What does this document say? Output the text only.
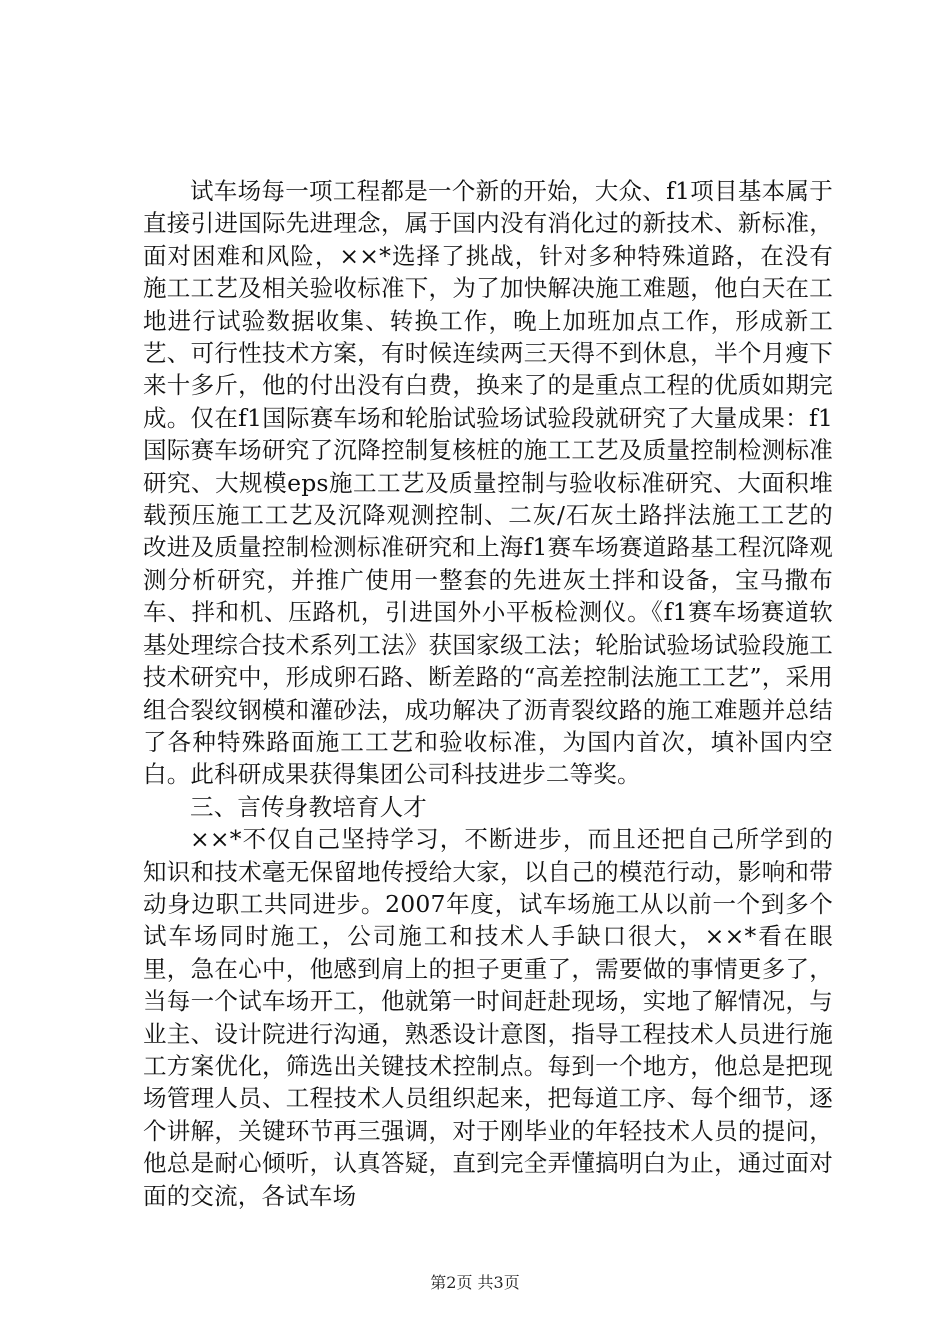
试车场每一项工程都是一个新的开始，大众、f1项目基本属于直接引进国际先进理念，属于国内没有消化过的新技术、新标准，面对困难和风险，××*选择了挑战，针对多种特殊道路，在没有施工工艺及相关验收标准下，为了加快解决施工难题，他白天在工地进行试验数据收集、转换工作，晚上加班加点工作，形成新工艺、可行性技术方案，有时候连续两三天得不到休息，半个月瘦下来十多斤，他的付出没有白费，换来了的是重点工程的优质如期完成。仅在f1国际赛车场和轮胎试验场试验段就研究了大量成果：f1国际赛车场研究了沉降控制复核桩的施工工艺及质量控制检测标准研究、大规模eps施工工艺及质量控制与验收标准研究、大面积堆载预压施工工艺及沉降观测控制、二灰/石灰土路拌法施工工艺的改进及质量控制检测标准研究和上海f1赛车场赛道路基工程沉降观测分析研究，并推广使用一整套的先进灰土拌和设备，宝马撒布车、拌和机、压路机，引进国外小平板检测仪。《f1赛车场赛道软基处理综合技术系列工法》获国家级工法；轮胎试验场试验段施工技术研究中，形成卵石路、断差路的“高差控制法施工工艺”，采用组合裂纹钢模和灌砂法，成功解决了沥青裂纹路的施工难题并总结了各种特殊路面施工工艺和验收标准，为国内首次，填补国内空白。此科研成果获得集团公司科技进步二等奖。

三、言传身教培育人才

××*不仅自己坚持学习，不断进步，而且还把自己所学到的知识和技术毫无保留地传授给大家，以自己的模范行动，影响和带动身边职工共同进步。2007年度，试车场施工从以前一个到多个试车场同时施工，公司施工和技术人手缺口很大，××*看在眼里，急在心中，他感到肩上的担子更重了，需要做的事情更多了，当每一个试车场开工，他就第一时间赶赴现场，实地了解情况，与业主、设计院进行沟通，熟悉设计意图，指导工程技术人员进行施工方案优化，筛选出关键技术控制点。每到一个地方，他总是把现场管理人员、工程技术人员组织起来，把每道工序、每个细节，逐个讲解，关键环节再三强调，对于刚毕业的年轻技术人员的提问，他总是耐心倾听，认真答疑，直到完全弄懂搞明白为止，通过面对面的交流，各试车场

第2页 共3页
